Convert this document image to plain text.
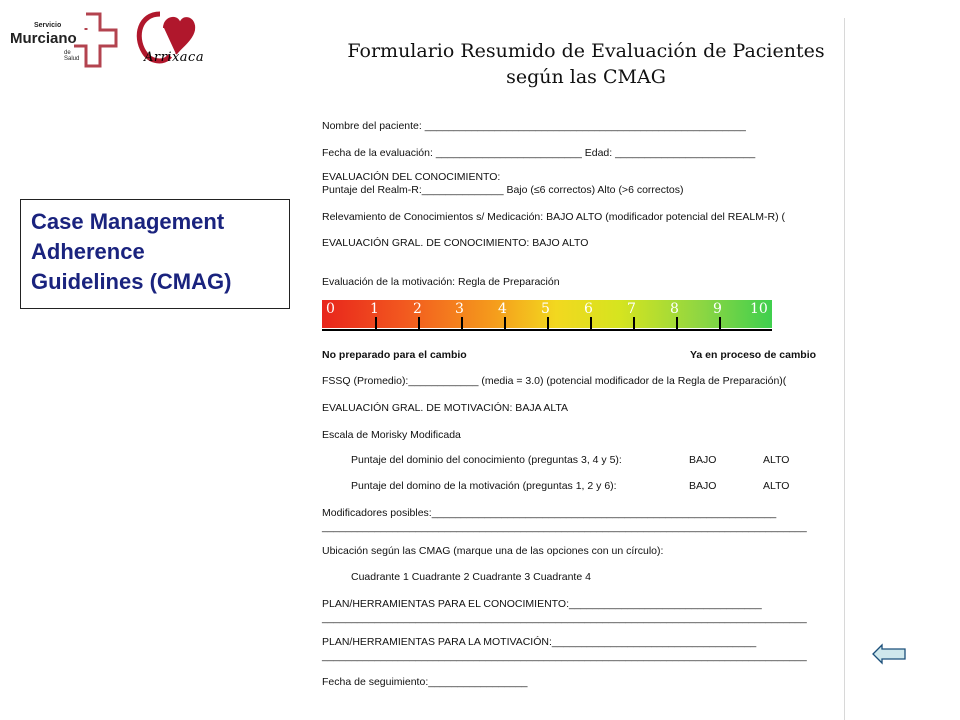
Servicio
Murciano
de Salud	Arrixaca
Case Management
Adherence
Guidelines (CMAG)
Formulario Resumido de Evaluación de Pacientes
según las CMAG
Nombre del paciente: _______________________________________________________
Fecha de la evaluación: _________________________ Edad: ________________________
EVALUACIÓN DEL CONOCIMIENTO:
Puntaje del Realm-R:______________ Bajo (≤6 correctos) Alto (>6 correctos)
Relevamiento de Conocimientos s/ Medicación: BAJO ALTO (modificador potencial del REALM-R) (
EVALUACIÓN GRAL. DE CONOCIMIENTO: BAJO ALTO
Evaluación de la motivación: Regla de Preparación
0	1 2 3 4 5 6 7 8 9 10
No preparado para el cambio	Ya en proceso de cambio
FSSQ (Promedio):____________ (media = 3.0) (potencial modificador de la Regla de Preparación)(
EVALUACIÓN GRAL. DE MOTIVACIÓN: BAJA ALTA
Escala de Morisky Modificada
Puntaje del dominio del conocimiento (preguntas 3, 4 y 5):	BAJO	ALTO
Puntaje del domino de la motivación (preguntas 1, 2 y 6):	BAJO	ALTO
Modificadores posibles:___________________________________________________________
___________________________________________________________________________________
Ubicación según las CMAG (marque una de las opciones con un círculo):
Cuadrante 1 Cuadrante 2 Cuadrante 3 Cuadrante 4
PLAN/HERRAMIENTAS PARA EL CONOCIMIENTO:_________________________________
___________________________________________________________________________________
PLAN/HERRAMIENTAS PARA LA MOTIVACIÓN:___________________________________
___________________________________________________________________________________
Fecha de seguimiento:_________________
